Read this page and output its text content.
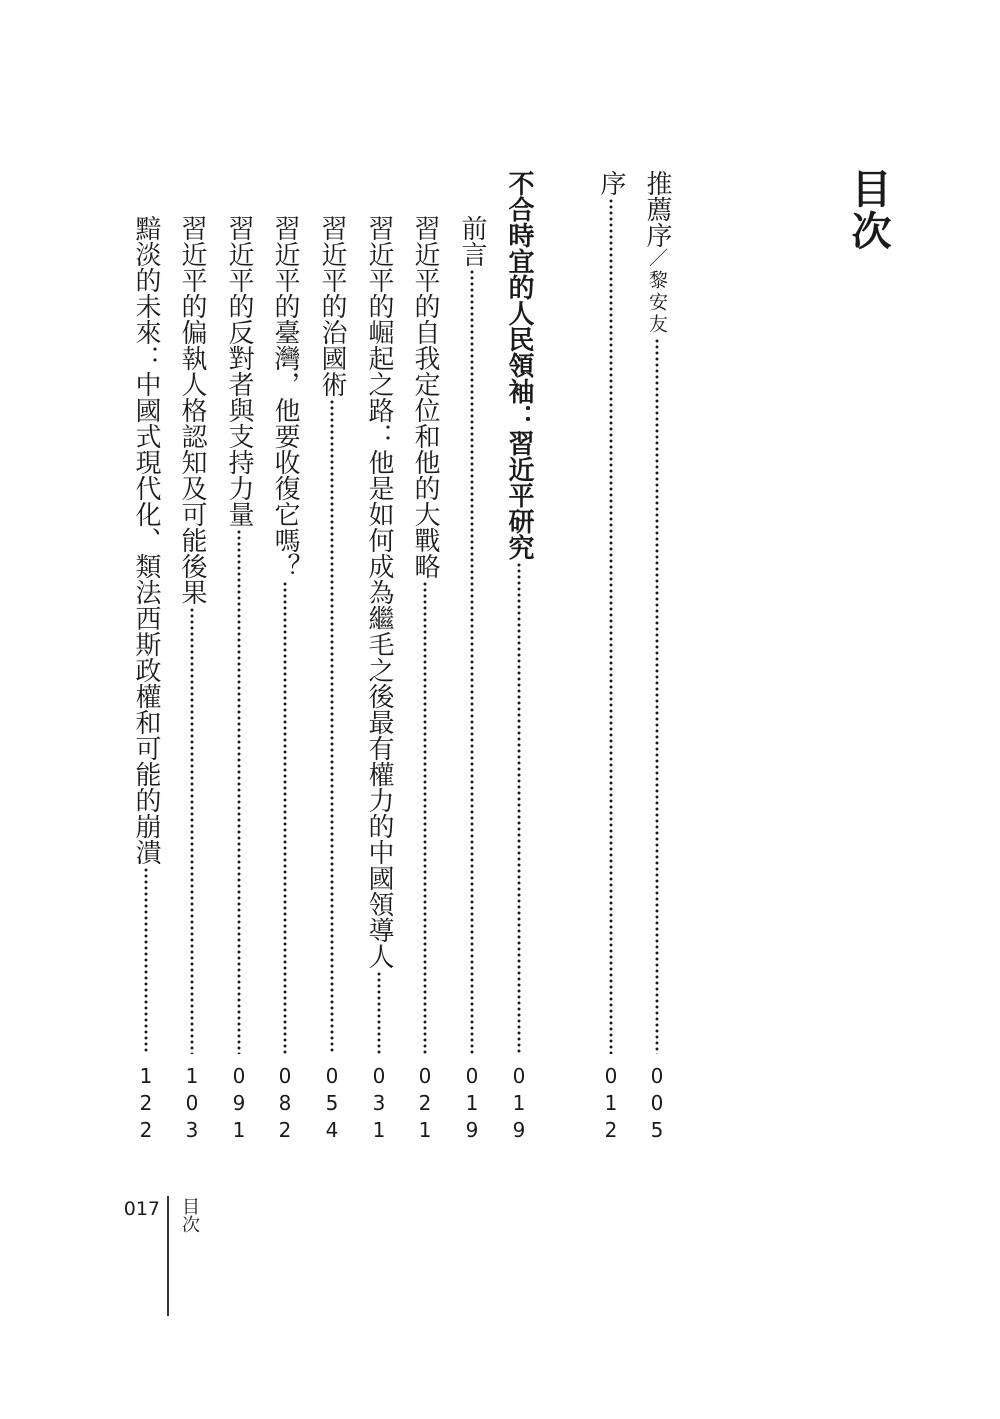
目次
推薦序／黎安友
005
序
012
不合時宜的人民領袖：習近平研究
019
前言
019
習近平的自我定位和他的大戰略
021
習近平的崛起之路：他是如何成為繼毛之後最有權力的中國領導人
031
習近平的治國術
054
習近平的臺灣，他要收復它嗎？
082
習近平的反對者與支持力量
091
習近平的偏執人格認知及可能後果
103
黯淡的未來：中國式現代化、類法西斯政權和可能的崩潰
122
017 目次
